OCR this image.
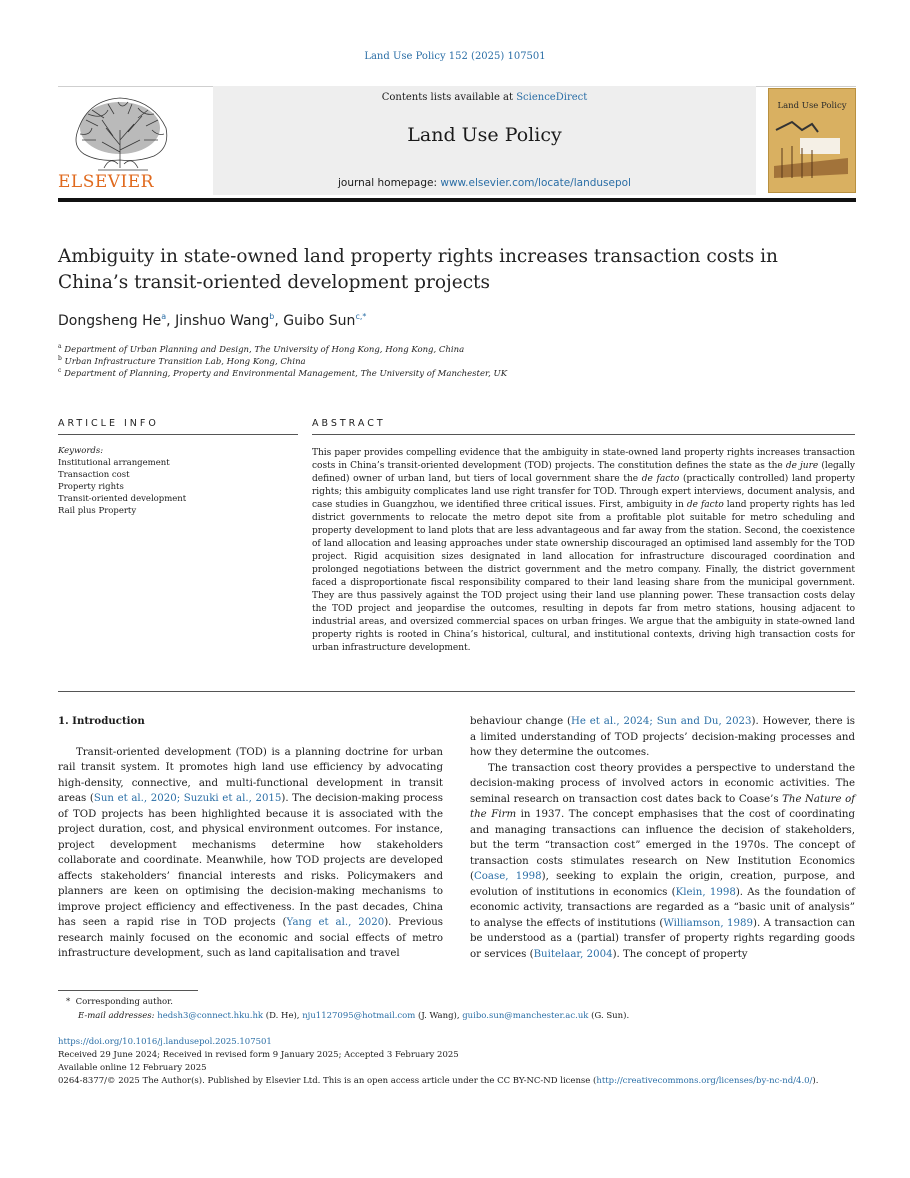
Land Use Policy 152 (2025) 107501
Contents lists available at ScienceDirect
Land Use Policy
journal homepage: www.elsevier.com/locate/landusepol
ELSEVIER
Land Use Policy
Ambiguity in state-owned land property rights increases transaction costs in China’s transit-oriented development projects
Dongsheng He$^a$, Jinshuo Wang$^b$, Guibo Sun$^{c,*}$
$^a$ Department of Urban Planning and Design, The University of Hong Kong, Hong Kong, China
$^b$ Urban Infrastructure Transition Lab, Hong Kong, China
$^c$ Department of Planning, Property and Environmental Management, The University of Manchester, UK
ARTICLE INFO
Keywords:
Institutional arrangement
Transaction cost
Property rights
Transit-oriented development
Rail plus Property
ABSTRACT
This paper provides compelling evidence that the ambiguity in state-owned land property rights increases transaction costs in China’s transit-oriented development (TOD) projects. The constitution defines the state as the de jure (legally defined) owner of urban land, but tiers of local government share the de facto (practically controlled) land property rights; this ambiguity complicates land use right transfer for TOD. Through expert interviews, document analysis, and case studies in Guangzhou, we identified three critical issues. First, ambiguity in de facto land property rights has led district governments to relocate the metro depot site from a profitable plot suitable for metro scheduling and property development to land plots that are less advantageous and far away from the station. Second, the coexistence of land allocation and leasing approaches under state ownership discouraged an optimised land assembly for the TOD project. Rigid acquisition sizes designated in land allocation for infrastructure discouraged coordination and prolonged negotiations between the district government and the metro company. Finally, the district government faced a disproportionate fiscal responsibility compared to their land leasing share from the municipal government. They are thus passively against the TOD project using their land use planning power. These transaction costs delay the TOD project and jeopardise the outcomes, resulting in depots far from metro stations, housing adjacent to industrial areas, and oversized commercial spaces on urban fringes. We argue that the ambiguity in state-owned land property rights is rooted in China’s historical, cultural, and institutional contexts, driving high transaction costs for urban infrastructure development.
1. Introduction

Transit-oriented development (TOD) is a planning doctrine for urban rail transit system. It promotes high land use efficiency by advocating high-density, connective, and multi-functional development in transit areas (Sun et al., 2020; Suzuki et al., 2015). The decision-making process of TOD projects has been highlighted because it is associated with the project duration, cost, and physical environment outcomes. For instance, project development mechanisms determine how stakeholders collaborate and coordinate. Meanwhile, how TOD projects are developed affects stakeholders’ financial interests and risks. Policymakers and planners are keen on optimising the decision-making mechanisms to improve project efficiency and effectiveness. In the past decades, China has seen a rapid rise in TOD projects (Yang et al., 2020). Previous research mainly focused on the economic and social effects of metro infrastructure development, such as land capitalisation and travel

behaviour change (He et al., 2024; Sun and Du, 2023). However, there is a limited understanding of TOD projects’ decision-making processes and how they determine the outcomes.

The transaction cost theory provides a perspective to understand the decision-making process of involved actors in economic activities. The seminal research on transaction cost dates back to Coase’s The Nature of the Firm in 1937. The concept emphasises that the cost of coordinating and managing transactions can influence the decision of stakeholders, but the term “transaction cost” emerged in the 1970s. The concept of transaction costs stimulates research on New Institution Economics (Coase, 1998), seeking to explain the origin, creation, purpose, and evolution of institutions in economics (Klein, 1998). As the foundation of economic activity, transactions are regarded as a “basic unit of analysis” to analyse the effects of institutions (Williamson, 1989). A transaction can be understood as a (partial) transfer of property rights regarding goods or services (Buitelaar, 2004). The concept of property

* Corresponding author.
E-mail addresses: hedsh3@connect.hku.hk (D. He), nju1127095@hotmail.com (J. Wang), guibo.sun@manchester.ac.uk (G. Sun).
https://doi.org/10.1016/j.landusepol.2025.107501
Received 29 June 2024; Received in revised form 9 January 2025; Accepted 3 February 2025
Available online 12 February 2025
0264-8377/© 2025 The Author(s). Published by Elsevier Ltd. This is an open access article under the CC BY-NC-ND license (http://creativecommons.org/licenses/by-nc-nd/4.0/).
